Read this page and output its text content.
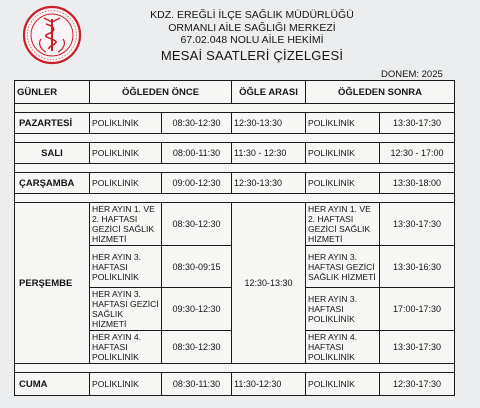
KDZ. EREĞLİ İLÇE SAĞLIK MÜDÜRLÜĞÜ
ORMANLI AİLE SAĞLIĞI MERKEZİ
67.02.048 NOLU AİLE HEKİMİ
MESAİ SAATLERİ ÇİZELGESİ
DONEM: 2025
GÜNLER	ÖĞLEDEN ÖNCE		ÖĞLE ARASI	ÖĞLEDEN SONRA	

PAZARTESİ	POLİKLİNİK	08:30-12:30	12:30-13:30	POLİKLİNİK	13:30-17:30

SALI	POLİKLİNİK	08:00-11:30	11:30 - 12:30	POLİKLİNİK	12:30 - 17:00

ÇARŞAMBA	POLİKLİNİK	09:00-12:30	12:30-13:30	POLİKLİNİK	13:30-18:00

PERŞEMBE	HER AYIN 1. VE 2. HAFTASI GEZİCİ SAĞLIK HİZMETİ	08:30-12:30	12:30-13:30	HER AYIN 1. VE 2. HAFTASI GEZİCİ SAĞLIK HİZMETİ	13:30-17:30
	HER AYIN 3. HAFTASI POLİKLİNİK	08:30-09:15		HER AYIN 3. HAFTASI GEZİCİ SAĞLIK HİZMETİ	13:30-16:30
	HER AYIN 3. HAFTASI GEZİCİ SAĞLIK HİZMETİ	09:30-12:30		HER AYIN 3. HAFTASI POLİKLİNİK	17:00-17:30
	HER AYIN 4. HAFTASI POLİKLİNİK	08:30-12:30		HER AYIN 4. HAFTASI POLİKLİNİK	13:30-17:30

CUMA	POLİKLİNİK	08:30-11:30	11:30-12:30	POLİKLİNİK	12:30-17:30
